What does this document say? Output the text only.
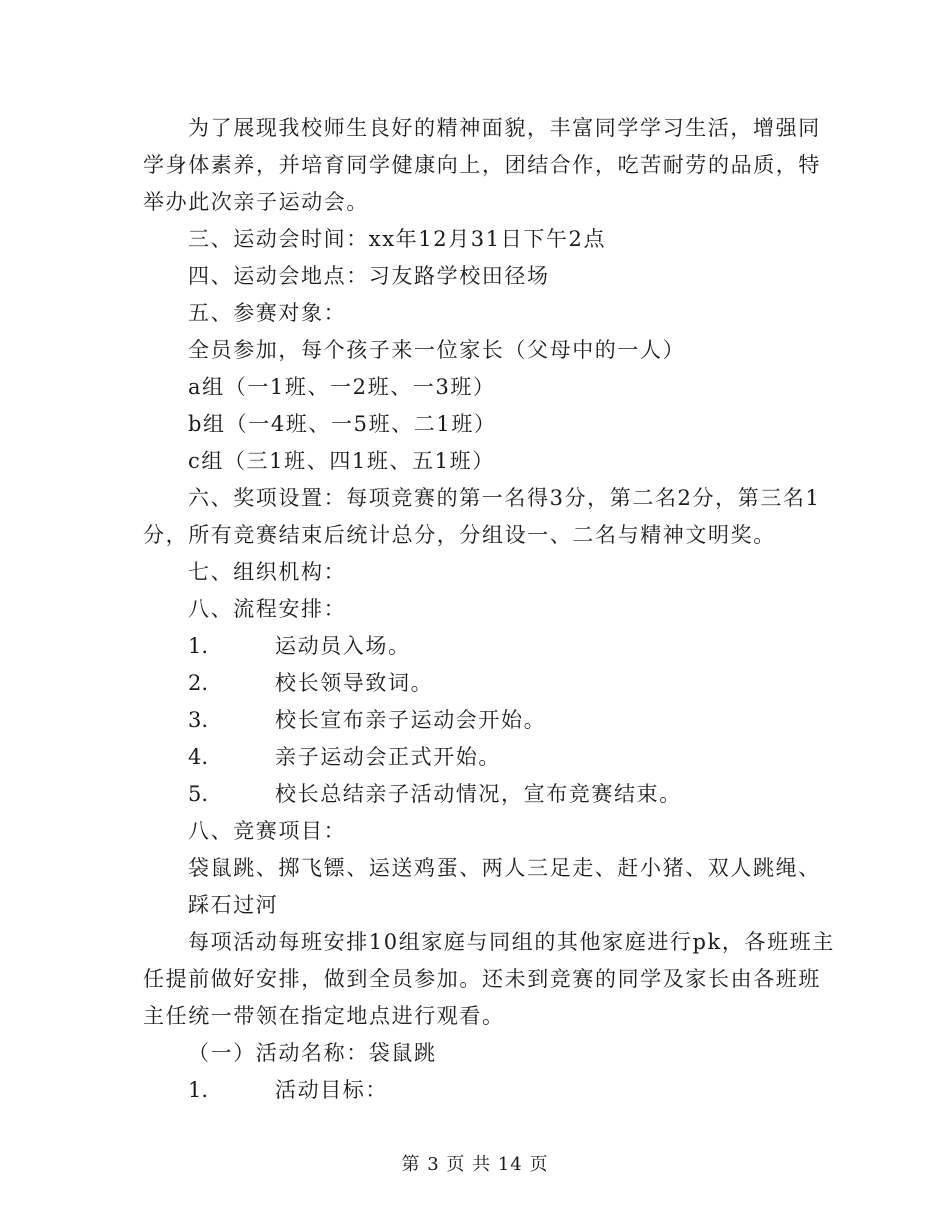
为了展现我校师生良好的精神面貌，丰富同学学习生活，增强同
学身体素养，并培育同学健康向上，团结合作，吃苦耐劳的品质，特
举办此次亲子运动会。
三、运动会时间：xx年12月31日下午2点
四、运动会地点：习友路学校田径场
五、参赛对象：
全员参加，每个孩子来一位家长（父母中的一人）
a组（一1班、一2班、一3班）
b组（一4班、一5班、二1班）
c组（三1班、四1班、五1班）
六、奖项设置：每项竞赛的第一名得3分，第二名2分，第三名1
分，所有竞赛结束后统计总分，分组设一、二名与精神文明奖。
七、组织机构：
八、流程安排：
1.	运动员入场。
2.	校长领导致词。
3.	校长宣布亲子运动会开始。
4.	亲子运动会正式开始。
5.	校长总结亲子活动情况，宣布竞赛结束。
八、竞赛项目：
袋鼠跳、掷飞镖、运送鸡蛋、两人三足走、赶小猪、双人跳绳、
踩石过河
每项活动每班安排10组家庭与同组的其他家庭进行pk，各班班主
任提前做好安排，做到全员参加。还未到竞赛的同学及家长由各班班
主任统一带领在指定地点进行观看。
（一）活动名称：袋鼠跳
1.	活动目标：
第 3 页 共 14 页
